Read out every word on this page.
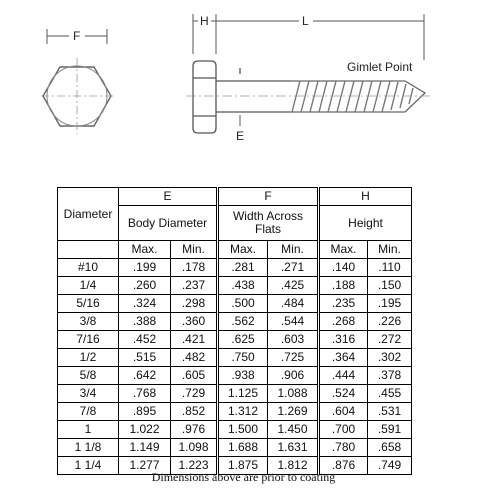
F
H	L
Gimlet Point
E
Diameter	E		F		H	
	Body Diameter		Width Across Flats		Height	
	Max.	Min.	Max.	Min.	Max.	Min.
#10	.199	.178	.281	.271	.140	.110
1/4	.260	.237	.438	.425	.188	.150
5/16	.324	.298	.500	.484	.235	.195
3/8	.388	.360	.562	.544	.268	.226
7/16	.452	.421	.625	.603	.316	.272
1/2	.515	.482	.750	.725	.364	.302
5/8	.642	.605	.938	.906	.444	.378
3/4	.768	.729	1.125	1.088	.524	.455
7/8	.895	.852	1.312	1.269	.604	.531
1	1.022	.976	1.500	1.450	.700	.591
1 1/8	1.149	1.098	1.688	1.631	.780	.658
1 1/4	1.277	1.223	1.875	1.812	.876	.749
Dimensions above are prior to coating
